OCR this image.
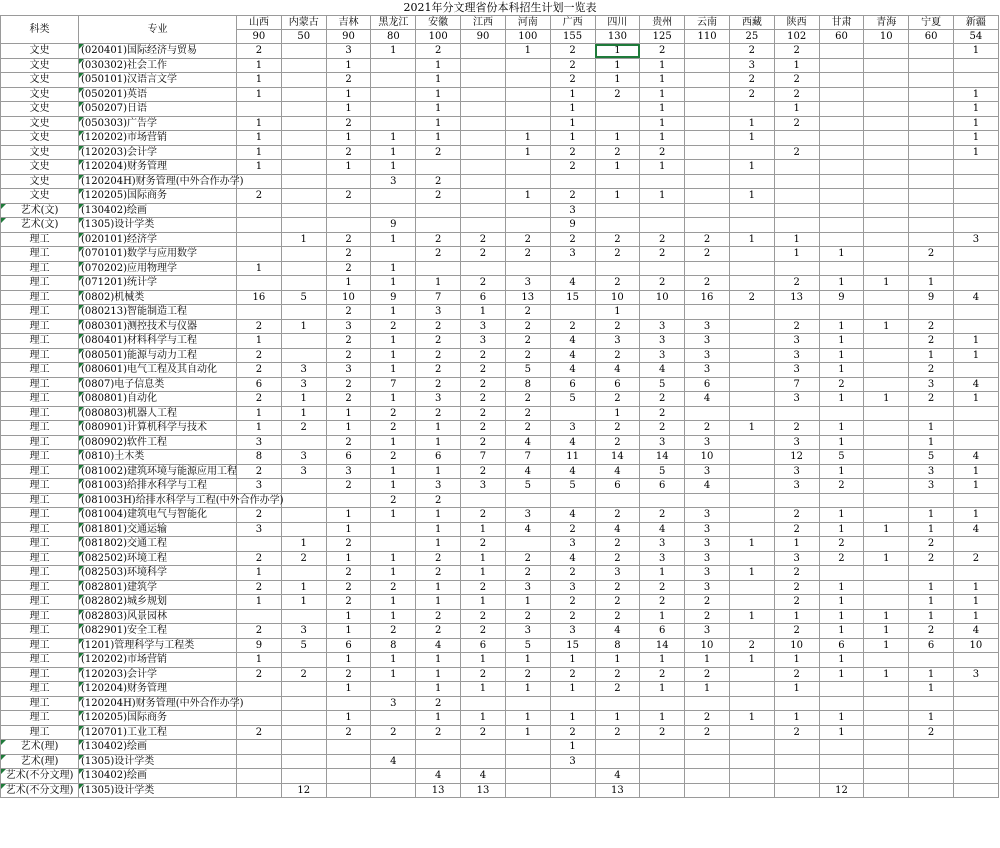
2021年分文理省份本科招生计划一览表
科类	专业	山西	内蒙古	吉林	黑龙江	安徽	江西	河南	广西	四川	贵州	云南	西藏	陕西	甘肃	青海	宁夏	新疆
		90	50	90	80	100	90	100	155	130	125	110	25	102	60	10	60	54
文史	(020401)国际经济与贸易	2		3	1	2		1	2	1	2		2	2				1
文史	(030302)社会工作	1		1		1			2	1	1		3	1				
文史	(050101)汉语言文学	1		2		1			2	1	1		2	2				
文史	(050201)英语	1		1		1			1	2	1		2	2				1
文史	(050207)日语			1		1			1		1			1				1
文史	(050303)广告学	1		2		1			1		1		1	2				1
文史	(120202)市场营销	1		1	1	1		1	1	1	1		1					1
文史	(120203)会计学	1		2	1	2		1	2	2	2			2				1
文史	(120204)财务管理	1		1	1				2	1	1		1					
文史	(120204H)财务管理(中外合作办学)				3	2												
文史	(120205)国际商务	2		2		2		1	2	1	1		1					
艺术(文)	(130402)绘画								3									
艺术(文)	(1305)设计学类				9				9									
理工	(020101)经济学		1	2	1	2	2	2	2	2	2	2	1	1				3
理工	(070101)数学与应用数学			2		2	2	2	3	2	2	2		1	1		2	
理工	(070202)应用物理学	1		2	1													
理工	(071201)统计学			1	1	1	2	3	4	2	2	2		2	1	1	1	
理工	(0802)机械类	16	5	10	9	7	6	13	15	10	10	16	2	13	9		9	4
理工	(080213)智能制造工程			2	1	3	1	2		1								
理工	(080301)测控技术与仪器	2	1	3	2	2	3	2	2	2	3	3		2	1	1	2	
理工	(080401)材料科学与工程	1		2	1	2	3	2	4	3	3	3		3	1		2	1
理工	(080501)能源与动力工程	2		2	1	2	2	2	4	2	3	3		3	1		1	1
理工	(080601)电气工程及其自动化	2	3	3	1	2	2	5	4	4	4	3		3	1		2	
理工	(0807)电子信息类	6	3	2	7	2	2	8	6	6	5	6		7	2		3	4
理工	(080801)自动化	2	1	2	1	3	2	2	5	2	2	4		3	1	1	2	1
理工	(080803)机器人工程	1	1	1	2	2	2	2		1	2							
理工	(080901)计算机科学与技术	1	2	1	2	1	2	2	3	2	2	2	1	2	1		1	
理工	(080902)软件工程	3		2	1	1	2	4	4	2	3	3		3	1		1	
理工	(0810)土木类	8	3	6	2	6	7	7	11	14	14	10		12	5		5	4
理工	(081002)建筑环境与能源应用工程	2	3	3	1	1	2	4	4	4	5	3		3	1		3	1
理工	(081003)给排水科学与工程	3		2	1	3	3	5	5	6	6	4		3	2		3	1
理工	(081003H)给排水科学与工程(中外合作办学)				2	2												
理工	(081004)建筑电气与智能化	2		1	1	1	2	3	4	2	2	3		2	1		1	1
理工	(081801)交通运输	3		1		1	1	4	2	4	4	3		2	1	1	1	4
理工	(081802)交通工程		1	2		1	2		3	2	3	3	1	1	2		2	
理工	(082502)环境工程	2	2	1	1	2	1	2	4	2	3	3		3	2	1	2	2
理工	(082503)环境科学	1		2	1	2	1	2	2	3	1	3	1	2				
理工	(082801)建筑学	2	1	2	2	1	2	3	3	2	2	3		2	1		1	1
理工	(082802)城乡规划	1	1	2	1	1	1	1	2	2	2	2		2	1		1	1
理工	(082803)风景园林			1	1	2	2	2	2	2	1	2	1	1	1	1	1	1
理工	(082901)安全工程	2	3	1	2	2	2	3	3	4	6	3		2	1	1	2	4
理工	(1201)管理科学与工程类	9	5	6	8	4	6	5	15	8	14	10	2	10	6	1	6	10
理工	(120202)市场营销	1		1	1	1	1	1	1	1	1	1	1	1	1			
理工	(120203)会计学	2	2	2	1	1	2	2	2	2	2	2		2	1	1	1	3
理工	(120204)财务管理			1		1	1	1	1	2	1	1		1			1	
理工	(120204H)财务管理(中外合作办学)				3	2												
理工	(120205)国际商务			1		1	1	1	1	1	1	2	1	1	1		1	
理工	(120701)工业工程	2		2	2	2	2	1	2	2	2	2		2	1		2	
艺术(理)	(130402)绘画								1									
艺术(理)	(1305)设计学类				4				3									
艺术(不分文理)	(130402)绘画					4	4			4								
艺术(不分文理)	(1305)设计学类		12			13	13			13					12			
